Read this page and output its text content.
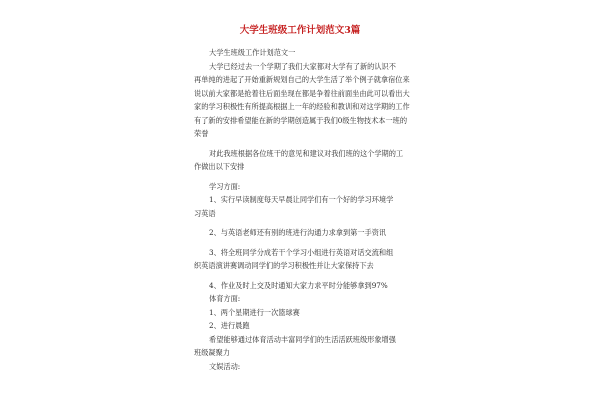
大学生班级工作计划范文3篇
大学生班级工作计划范文一
大学已经过去一个学期了我们大家都对大学有了新的认识不
再单纯的进起了开始重新规划自己的大学生活了举个例子就拿宿位来
说以前大家都是抢着往后面坐现在都是争着往前面坐由此可以看出大
家的学习积极性有所提高根据上一年的经验和教训和对这学期的工作
有了新的安排希望能在新的学期创造属于我们0级生物技术本一班的
荣誉
对此我班根据各位班干的意见和建议对我们班的这个学期的工
作做出以下安排
学习方面:
1、实行早读制度每天早晨让同学们有一个好的学习环境学
习英语
2、与英语老师还有别的班进行沟通力求拿到第一手资讯
3、将全班同学分成若干个学习小组进行英语对话交流和组
织英语演讲赛调动同学们的学习积极性并让大家保持下去
4、作业及时上交及时通知大家力求平时分能够拿到97%
体育方面:
1、两个星期进行一次篮球赛
2、进行晨跑
希望能够通过体育活动丰富同学们的生活活跃班级形象增强
班级凝聚力
文娱活动:
